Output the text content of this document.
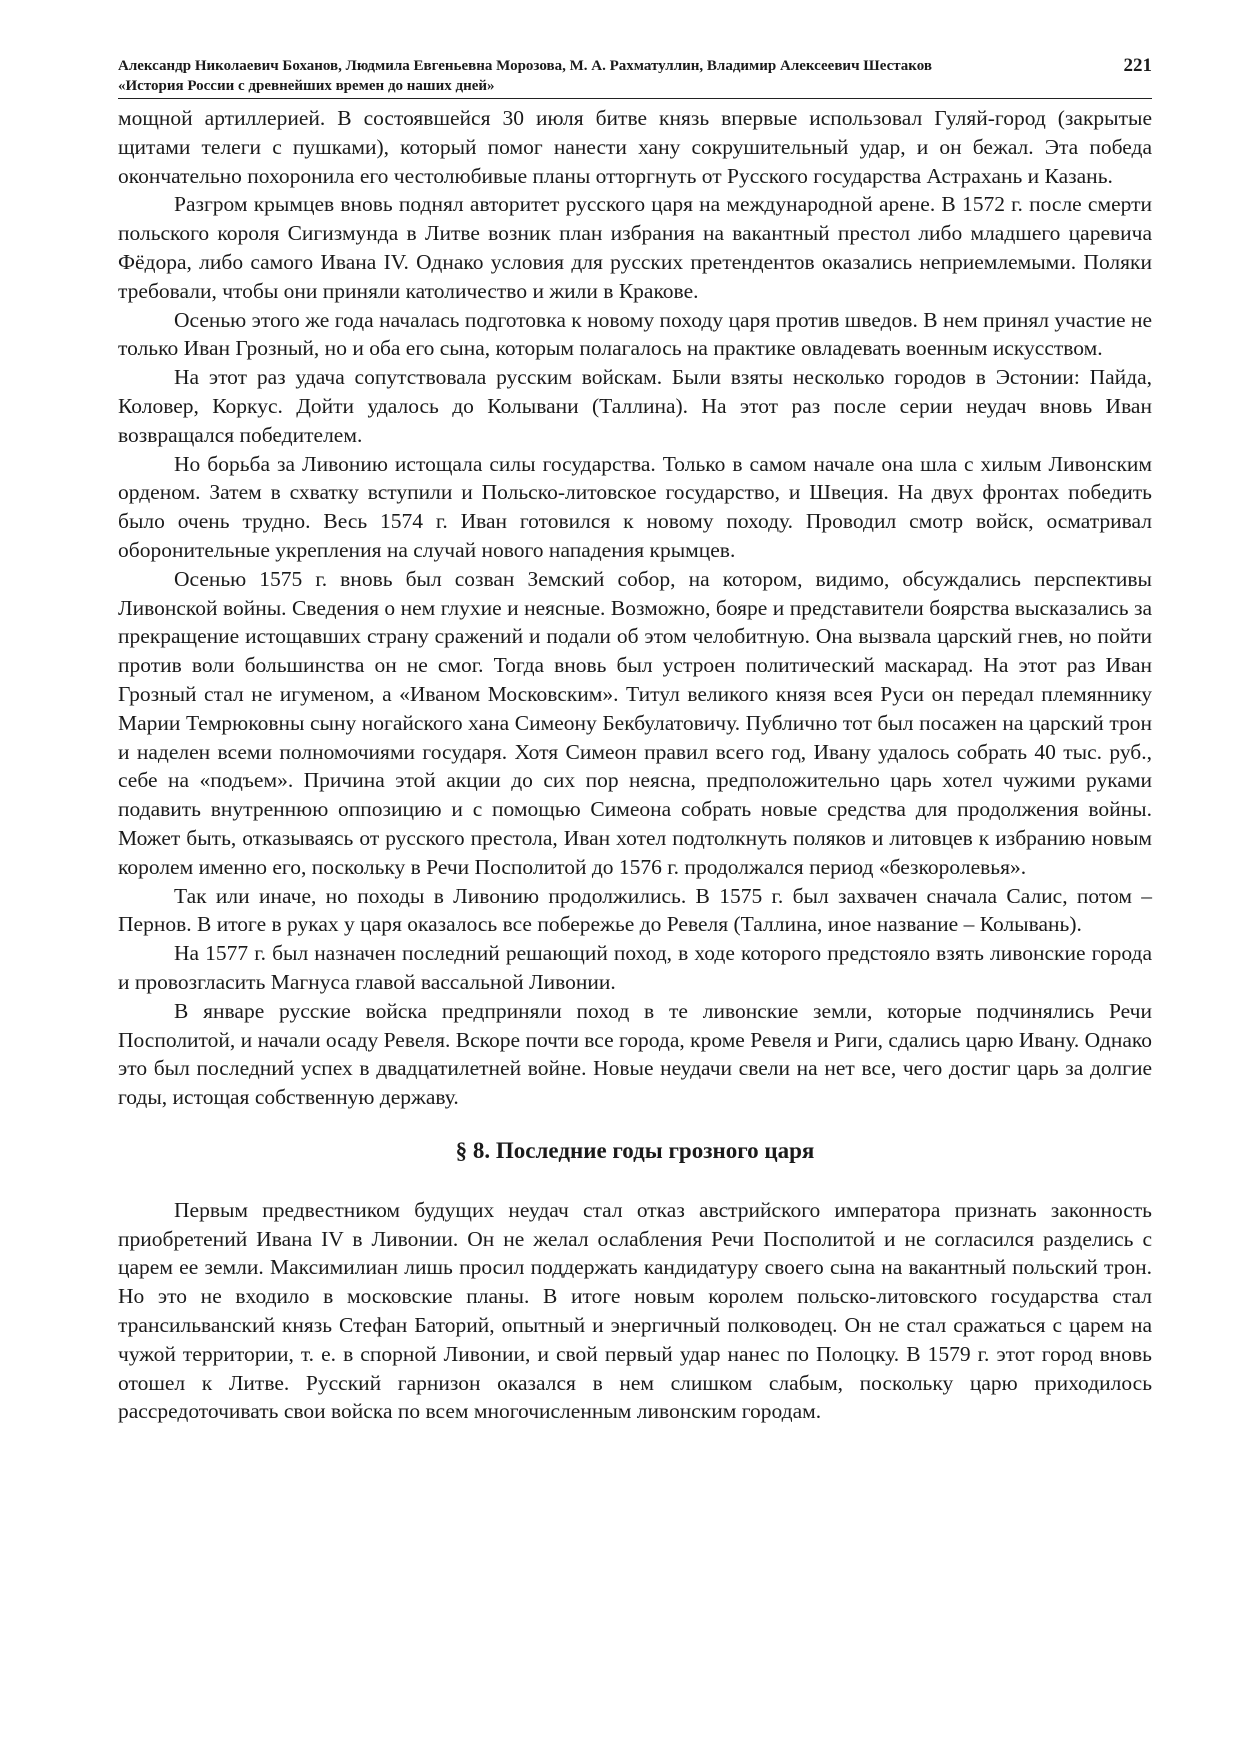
Александр Николаевич Боханов, Людмила Евгеньевна Морозова, М. А. Рахматуллин, Владимир Алексеевич Шестаков
«История России с древнейших времен до наших дней»
221

мощной артиллерией. В состоявшейся 30 июля битве князь впервые использовал Гуляй-город (закрытые щитами телеги с пушками), который помог нанести хану сокрушительный удар, и он бежал. Эта победа окончательно похоронила его честолюбивые планы отторгнуть от Русского государства Астрахань и Казань.

Разгром крымцев вновь поднял авторитет русского царя на международной арене. В 1572 г. после смерти польского короля Сигизмунда в Литве возник план избрания на вакантный престол либо младшего царевича Фёдора, либо самого Ивана IV. Однако условия для русских претендентов оказались неприемлемыми. Поляки требовали, чтобы они приняли католичество и жили в Кракове.

Осенью этого же года началась подготовка к новому походу царя против шведов. В нем принял участие не только Иван Грозный, но и оба его сына, которым полагалось на практике овладевать военным искусством.

На этот раз удача сопутствовала русским войскам. Были взяты несколько городов в Эстонии: Пайда, Коловер, Коркус. Дойти удалось до Колывани (Таллина). На этот раз после серии неудач вновь Иван возвращался победителем.

Но борьба за Ливонию истощала силы государства. Только в самом начале она шла с хилым Ливонским орденом. Затем в схватку вступили и Польско-литовское государство, и Швеция. На двух фронтах победить было очень трудно. Весь 1574 г. Иван готовился к новому походу. Проводил смотр войск, осматривал оборонительные укрепления на случай нового нападения крымцев.

Осенью 1575 г. вновь был созван Земский собор, на котором, видимо, обсуждались перспективы Ливонской войны. Сведения о нем глухие и неясные. Возможно, бояре и представители боярства высказались за прекращение истощавших страну сражений и подали об этом челобитную. Она вызвала царский гнев, но пойти против воли большинства он не смог. Тогда вновь был устроен политический маскарад. На этот раз Иван Грозный стал не игуменом, а «Иваном Московским». Титул великого князя всея Руси он передал племяннику Марии Темрюковны сыну ногайского хана Симеону Бекбулатовичу. Публично тот был посажен на царский трон и наделен всеми полномочиями государя. Хотя Симеон правил всего год, Ивану удалось собрать 40 тыс. руб., себе на «подъем». Причина этой акции до сих пор неясна, предположительно царь хотел чужими руками подавить внутреннюю оппозицию и с помощью Симеона собрать новые средства для продолжения войны. Может быть, отказываясь от русского престола, Иван хотел подтолкнуть поляков и литовцев к избранию новым королем именно его, поскольку в Речи Посполитой до 1576 г. продолжался период «безкоролевья».

Так или иначе, но походы в Ливонию продолжились. В 1575 г. был захвачен сначала Салис, потом – Пернов. В итоге в руках у царя оказалось все побережье до Ревеля (Таллина, иное название – Колывань).

На 1577 г. был назначен последний решающий поход, в ходе которого предстояло взять ливонские города и провозгласить Магнуса главой вассальной Ливонии.

В январе русские войска предприняли поход в те ливонские земли, которые подчинялись Речи Посполитой, и начали осаду Ревеля. Вскоре почти все города, кроме Ревеля и Риги, сдались царю Ивану. Однако это был последний успех в двадцатилетней войне. Новые неудачи свели на нет все, чего достиг царь за долгие годы, истощая собственную державу.

§ 8. Последние годы грозного царя

Первым предвестником будущих неудач стал отказ австрийского императора признать законность приобретений Ивана IV в Ливонии. Он не желал ослабления Речи Посполитой и не согласился разделись с царем ее земли. Максимилиан лишь просил поддержать кандидатуру своего сына на вакантный польский трон. Но это не входило в московские планы. В итоге новым королем польско-литовского государства стал трансильванский князь Стефан Баторий, опытный и энергичный полководец. Он не стал сражаться с царем на чужой территории, т. е. в спорной Ливонии, и свой первый удар нанес по Полоцку. В 1579 г. этот город вновь отошел к Литве. Русский гарнизон оказался в нем слишком слабым, поскольку царю приходилось рассредоточивать свои войска по всем многочисленным ливонским городам.
